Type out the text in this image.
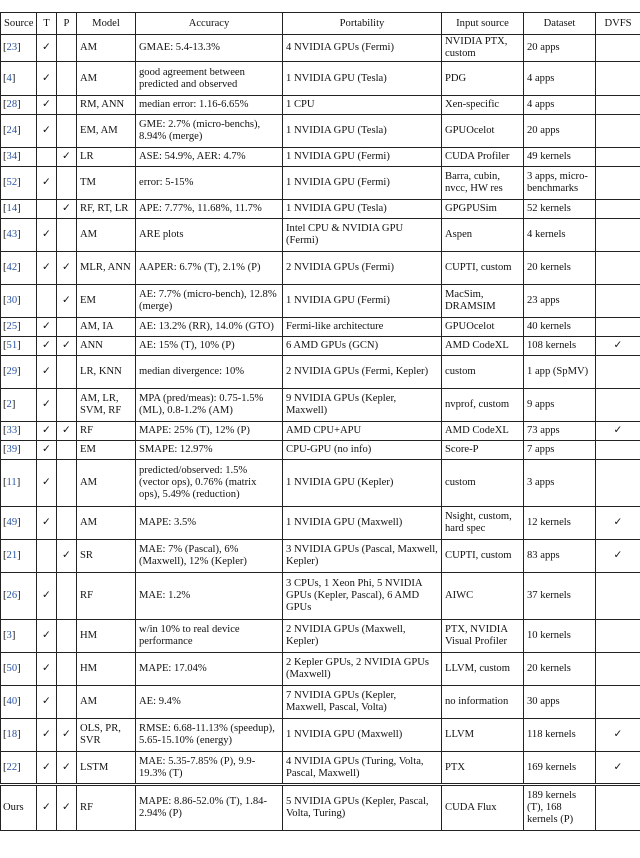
Source	T	P	Model	Accuracy	Portability	Input source	Dataset	DVFS
[23]	✓		AM	GMAE: 5.4-13.3%	4 NVIDIA GPUs (Fermi)	NVIDIA PTX, custom	20 apps	
[4]	✓		AM	good agreement between predicted and observed	1 NVIDIA GPU (Tesla)	PDG	4 apps	
[28]	✓		RM, ANN	median error: 1.16-6.65%	1 CPU	Xen-specific	4 apps	
[24]	✓		EM, AM	GME: 2.7% (micro-benchs), 8.94% (merge)	1 NVIDIA GPU (Tesla)	GPUOcelot	20 apps	
[34]		✓	LR	ASE: 54.9%, AER: 4.7%	1 NVIDIA GPU (Fermi)	CUDA Profiler	49 kernels	
[52]	✓		TM	error: 5-15%	1 NVIDIA GPU (Fermi)	Barra, cubin, nvcc, HW res	3 apps, micro-benchmarks	
[14]		✓	RF, RT, LR	APE: 7.77%, 11.68%, 11.7%	1 NVIDIA GPU (Tesla)	GPGPUSim	52 kernels	
[43]	✓		AM	ARE plots	Intel CPU & NVIDIA GPU (Fermi)	Aspen	4 kernels	
[42]	✓	✓	MLR, ANN	AAPER: 6.7% (T), 2.1% (P)	2 NVIDIA GPUs (Fermi)	CUPTI, custom	20 kernels	
[30]		✓	EM	AE: 7.7% (micro-bench), 12.8% (merge)	1 NVIDIA GPU (Fermi)	MacSim, DRAMSIM	23 apps	
[25]	✓		AM, IA	AE: 13.2% (RR), 14.0% (GTO)	Fermi-like architecture	GPUOcelot	40 kernels	
[51]	✓	✓	ANN	AE: 15% (T), 10% (P)	6 AMD GPUs (GCN)	AMD CodeXL	108 kernels	✓
[29]	✓		LR, KNN	median divergence: 10%	2 NVIDIA GPUs (Fermi, Kepler)	custom	1 app (SpMV)	
[2]	✓		AM, LR, SVM, RF	MPA (pred/meas): 0.75-1.5% (ML), 0.8-1.2% (AM)	9 NVIDIA GPUs (Kepler, Maxwell)	nvprof, custom	9 apps	
[33]	✓	✓	RF	MAPE: 25% (T), 12% (P)	AMD CPU+APU	AMD CodeXL	73 apps	✓
[39]	✓		EM	SMAPE: 12.97%	CPU-GPU (no info)	Score-P	7 apps	
[11]	✓		AM	predicted/observed: 1.5% (vector ops), 0.76% (matrix ops), 5.49% (reduction)	1 NVIDIA GPU (Kepler)	custom	3 apps	
[49]	✓		AM	MAPE: 3.5%	1 NVIDIA GPU (Maxwell)	Nsight, custom, hard spec	12 kernels	✓
[21]		✓	SR	MAE: 7% (Pascal), 6% (Maxwell), 12% (Kepler)	3 NVIDIA GPUs (Pascal, Maxwell, Kepler)	CUPTI, custom	83 apps	✓
[26]	✓		RF	MAE: 1.2%	3 CPUs, 1 Xeon Phi, 5 NVIDIA GPUs (Kepler, Pascal), 6 AMD GPUs	AIWC	37 kernels	
[3]	✓		HM	w/in 10% to real device performance	2 NVIDIA GPUs (Maxwell, Kepler)	PTX, NVIDIA Visual Profiler	10 kernels	
[50]	✓		HM	MAPE: 17.04%	2 Kepler GPUs, 2 NVIDIA GPUs (Maxwell)	LLVM, custom	20 kernels	
[40]	✓		AM	AE: 9.4%	7 NVIDIA GPUs (Kepler, Maxwell, Pascal, Volta)	no information	30 apps	
[18]	✓	✓	OLS, PR, SVR	RMSE: 6.68-11.13% (speedup), 5.65-15.10% (energy)	1 NVIDIA GPU (Maxwell)	LLVM	118 kernels	✓
[22]	✓	✓	LSTM	MAE: 5.35-7.85% (P), 9.9-19.3% (T)	4 NVIDIA GPUs (Turing, Volta, Pascal, Maxwell)	PTX	169 kernels	✓
Ours	✓	✓	RF	MAPE: 8.86-52.0% (T), 1.84-2.94% (P)	5 NVIDIA GPUs (Kepler, Pascal, Volta, Turing)	CUDA Flux	189 kernels (T), 168 kernels (P)	
